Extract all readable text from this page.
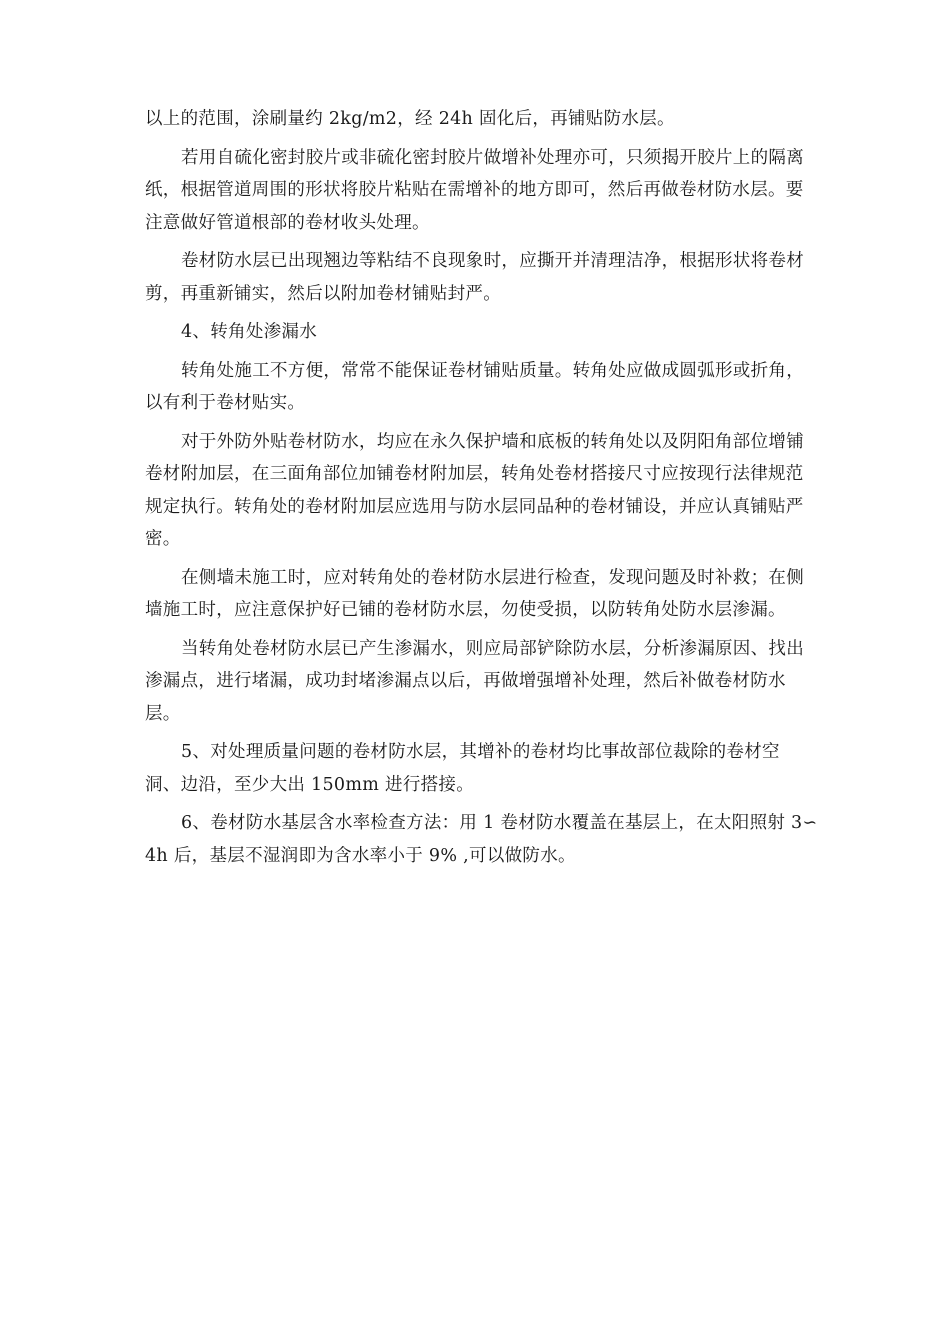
以上的范围，涂刷量约 2kg/m2，经 24h 固化后，再铺贴防水层。

若用自硫化密封胶片或非硫化密封胶片做增补处理亦可，只须揭开胶片上的隔离
纸，根据管道周围的形状将胶片粘贴在需增补的地方即可，然后再做卷材防水层。要
注意做好管道根部的卷材收头处理。

卷材防水层已出现翘边等粘结不良现象时，应撕开并清理洁净，根据形状将卷材
剪，再重新铺实，然后以附加卷材铺贴封严。

4、转角处渗漏水

转角处施工不方便，常常不能保证卷材铺贴质量。转角处应做成圆弧形或折角，
以有利于卷材贴实。

对于外防外贴卷材防水，均应在永久保护墙和底板的转角处以及阴阳角部位增铺
卷材附加层，在三面角部位加铺卷材附加层，转角处卷材搭接尺寸应按现行法律规范
规定执行。转角处的卷材附加层应选用与防水层同品种的卷材铺设，并应认真铺贴严
密。

在侧墙未施工时，应对转角处的卷材防水层进行检查，发现问题及时补救；在侧
墙施工时，应注意保护好已铺的卷材防水层，勿使受损，以防转角处防水层渗漏。

当转角处卷材防水层已产生渗漏水，则应局部铲除防水层，分析渗漏原因、找出
渗漏点，进行堵漏，成功封堵渗漏点以后，再做增强增补处理，然后补做卷材防水
层。

5、对处理质量问题的卷材防水层，其增补的卷材均比事故部位裁除的卷材空
洞、边沿，至少大出 150mm 进行搭接。

6、卷材防水基层含水率检查方法：用 1 卷材防水覆盖在基层上，在太阳照射 3∽
4h 后，基层不湿润即为含水率小于 9% ,可以做防水。
